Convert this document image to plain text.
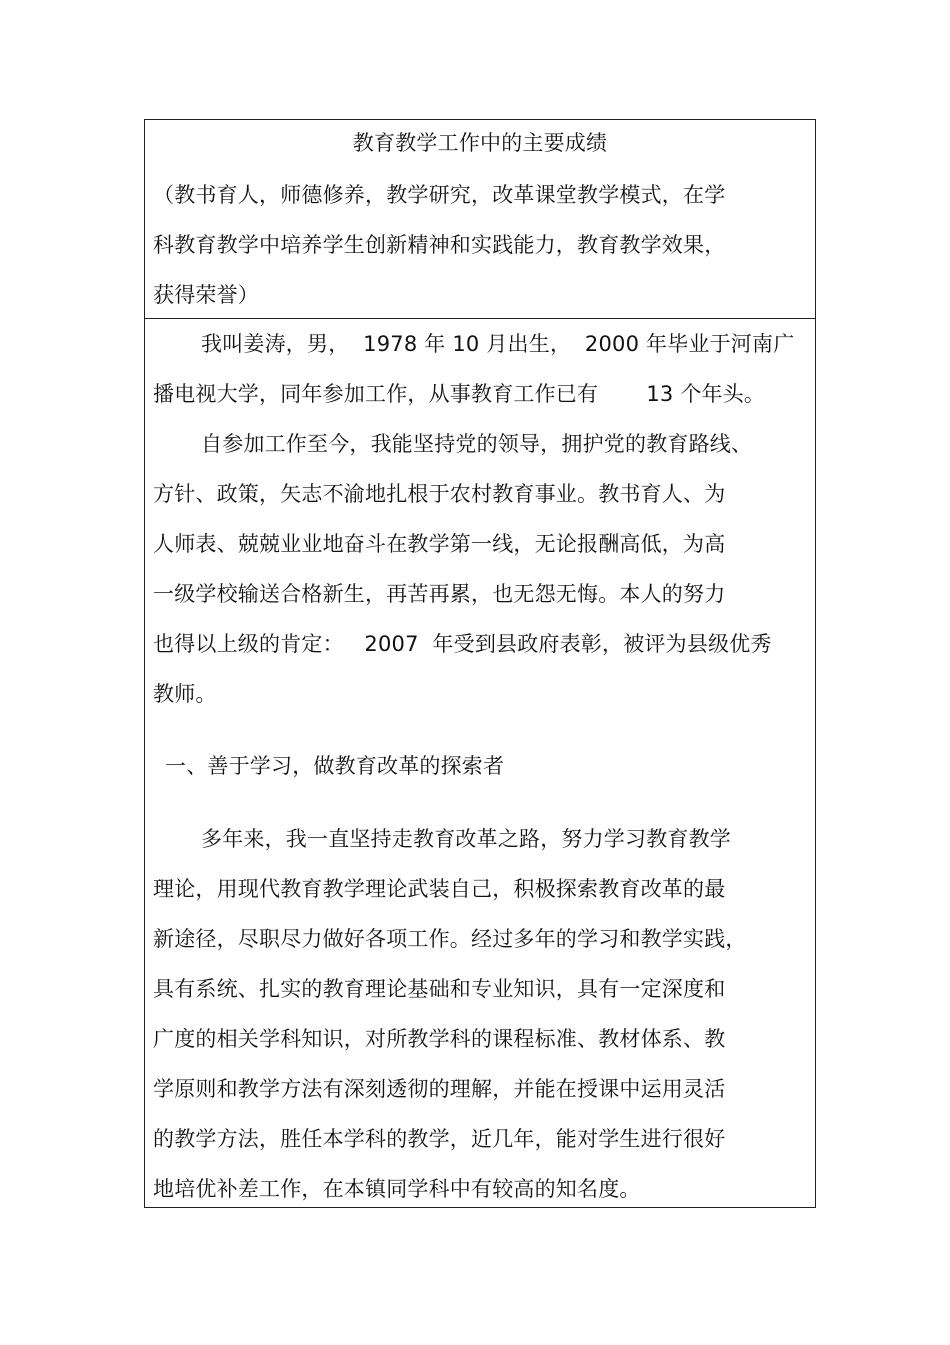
教育教学工作中的主要成绩
（教书育人，师德修养，教学研究，改革课堂教学模式，在学
科教育教学中培养学生创新精神和实践能力，教育教学效果，
获得荣誉）
我叫姜涛，男，  1978 年 10 月出生，  2000 年毕业于河南广
播电视大学，同年参加工作，从事教育工作已有       13 个年头。
自参加工作至今，我能坚持党的领导，拥护党的教育路线、
方针、政策，矢志不渝地扎根于农村教育事业。教书育人、为
人师表、兢兢业业地奋斗在教学第一线，无论报酬高低，为高
一级学校输送合格新生，再苦再累，也无怨无悔。本人的努力
也得以上级的肯定：   2007  年受到县政府表彰，被评为县级优秀
教师。
一、善于学习，做教育改革的探索者
多年来，我一直坚持走教育改革之路，努力学习教育教学
理论，用现代教育教学理论武装自己，积极探索教育改革的最
新途径，尽职尽力做好各项工作。经过多年的学习和教学实践，
具有系统、扎实的教育理论基础和专业知识，具有一定深度和
广度的相关学科知识，对所教学科的课程标准、教材体系、教
学原则和教学方法有深刻透彻的理解，并能在授课中运用灵活
的教学方法，胜任本学科的教学，近几年，能对学生进行很好
地培优补差工作，在本镇同学科中有较高的知名度。
